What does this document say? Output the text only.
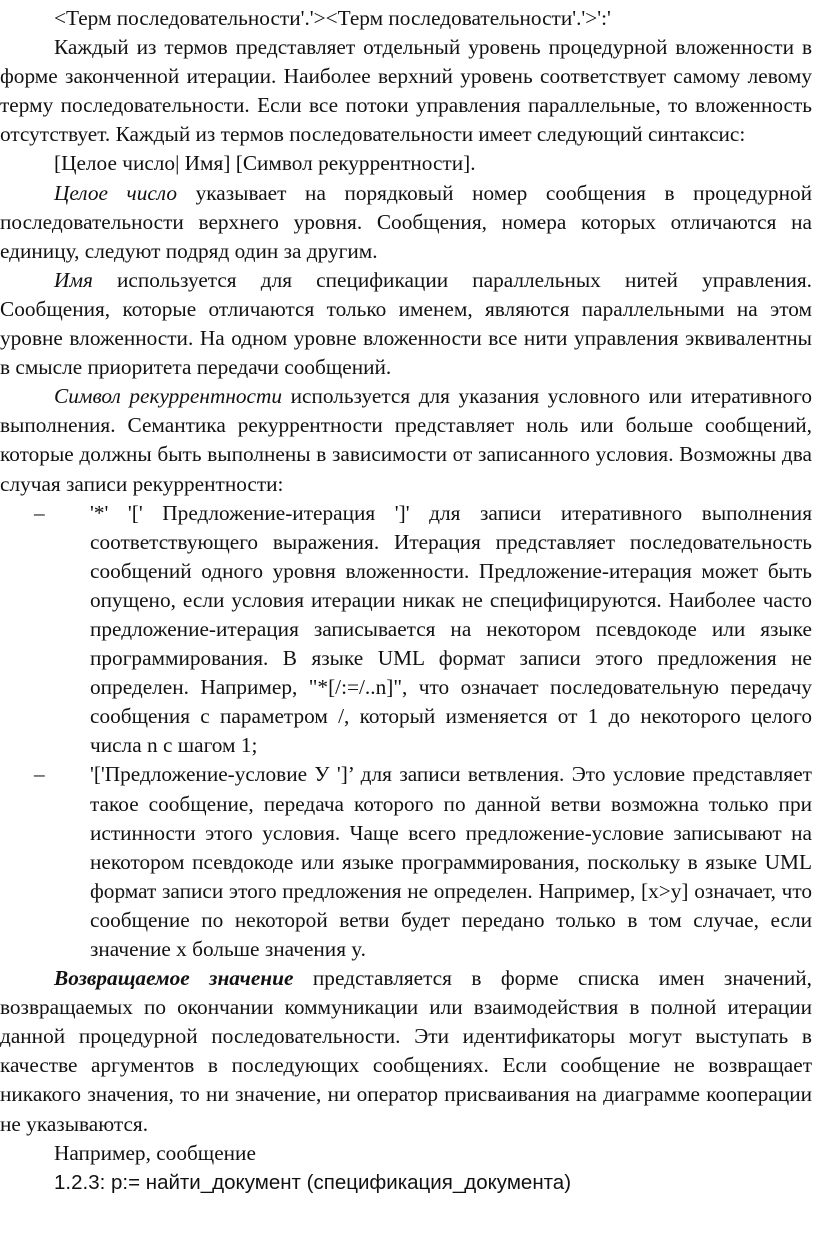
<Терм последовательности'.'><Терм последовательности'.'>':'

Каждый из термов представляет отдельный уровень процедурной вложенности в форме законченной итерации. Наиболее верхний уровень соответствует самому левому терму последовательности. Если все потоки управления параллельные, то вложенность отсутствует. Каждый из термов последовательности имеет следующий синтаксис:

[Целое число| Имя] [Символ рекуррентности].

Целое число указывает на порядковый номер сообщения в процедурной последовательности верхнего уровня. Сообщения, номера которых отличаются на единицу, следуют подряд один за другим.

Имя используется для спецификации параллельных нитей управления. Сообщения, которые отличаются только именем, являются параллельными на этом уровне вложенности. На одном уровне вложенности все нити управления эквивалентны в смысле приоритета передачи сообщений.

Символ рекуррентности используется для указания условного или итеративного выполнения. Семантика рекуррентности представляет ноль или больше сообщений, которые должны быть выполнены в зависимости от записанного условия. Возможны два случая записи рекуррентности:

– '*' '[' Предложение-итерация ']' для записи итеративного выполнения соответствующего выражения. Итерация представляет последовательность сообщений одного уровня вложенности. Предложение-итерация может быть опущено, если условия итерации никак не специфицируются. Наиболее часто предложение-итерация записывается на некотором псевдокоде или языке программирования. В языке UML формат записи этого предложения не определен. Например, "*[/:=/..n]", что означает последовательную передачу сообщения с параметром /, который изменяется от 1 до некоторого целого числа n с шагом 1;
– '['Предложение-условие У ']’ для записи ветвления. Это условие представляет такое сообщение, передача которого по данной ветви возможна только при истинности этого условия. Чаще всего предложение-условие записывают на некотором псевдокоде или языке программирования, поскольку в языке UML формат записи этого предложения не определен. Например, [x>y] означает, что сообщение по некоторой ветви будет передано только в том случае, если значение x больше значения y.

Возвращаемое значение представляется в форме списка имен значений, возвращаемых по окончании коммуникации или взаимодействия в полной итерации данной процедурной последовательности. Эти идентификаторы могут выступать в качестве аргументов в последующих сообщениях. Если сообщение не возвращает никакого значения, то ни значение, ни оператор присваивания на диаграмме кооперации не указываются.

Например, сообщение

1.2.3: р:= найти_документ (спецификация_документа)
